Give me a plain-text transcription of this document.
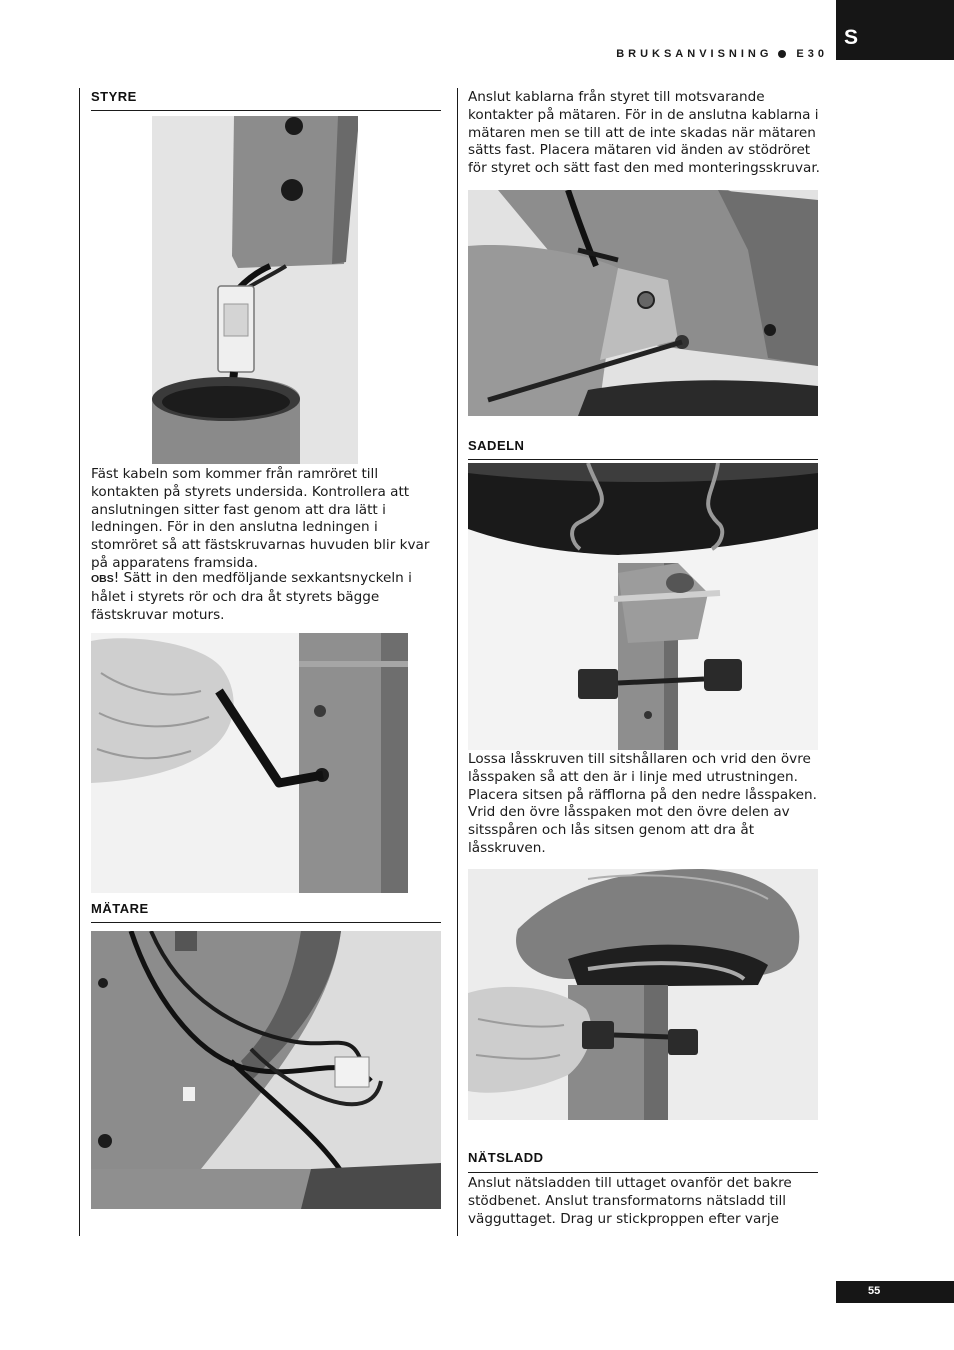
S
BRUKSANVISNING E30
STYRE

Fäst kabeln som kommer från ramröret till kontakten på styrets undersida. Kontrollera att anslutningen sitter fast genom att dra lätt i ledningen. För in den anslutna ledningen i stomröret så att fästskruvarnas huvuden blir kvar på apparatens framsida.

OBS! Sätt in den medföljande sexkantsnyckeln i hålet i styrets rör och dra åt styrets bägge fästskruvar moturs.

MÄTARE

Anslut kablarna från styret till motsvarande kontakter på mätaren. För in de anslutna kablarna i mätaren men se till att de inte skadas när mätaren sätts fast. Placera mätaren vid änden av stödröret för styret och sätt fast den med monteringsskruvar.

SADELN

Lossa låsskruven till sitshållaren och vrid den övre låsspaken så att den är i linje med utrustningen. Placera sitsen på räfflorna på den nedre låsspaken. Vrid den övre låsspaken mot den övre delen av sitsspåren och lås sitsen genom att dra åt låsskruven.

NÄTSLADD

Anslut nätsladden till uttaget ovanför det bakre stödbenet. Anslut transformatorns nätsladd till vägguttaget. Drag ur stickproppen efter varje

55
